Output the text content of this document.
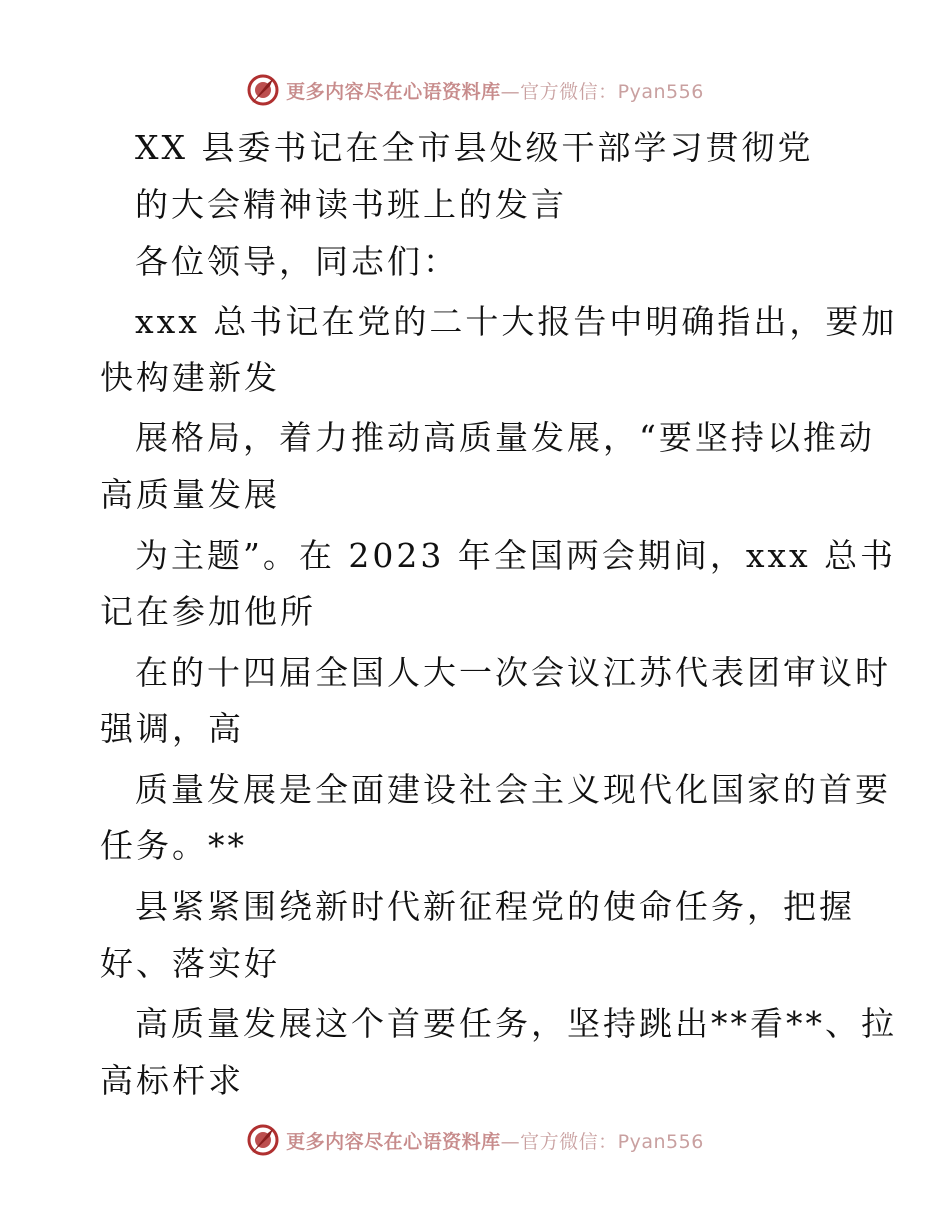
更多内容尽在心语资料库—官方微信：Pyan556
XX 县委书记在全市县处级干部学习贯彻党
的大会精神读书班上的发言
各位领导，同志们：
xxx 总书记在党的二十大报告中明确指出，要加
快构建新发
展格局，着力推动高质量发展，“要坚持以推动
高质量发展
为主题”。在 2023 年全国两会期间，xxx 总书
记在参加他所
在的十四届全国人大一次会议江苏代表团审议时
强调，高
质量发展是全面建设社会主义现代化国家的首要
任务。**
县紧紧围绕新时代新征程党的使命任务，把握
好、落实好
高质量发展这个首要任务，坚持跳出**看**、拉
高标杆求
更多内容尽在心语资料库—官方微信：Pyan556
